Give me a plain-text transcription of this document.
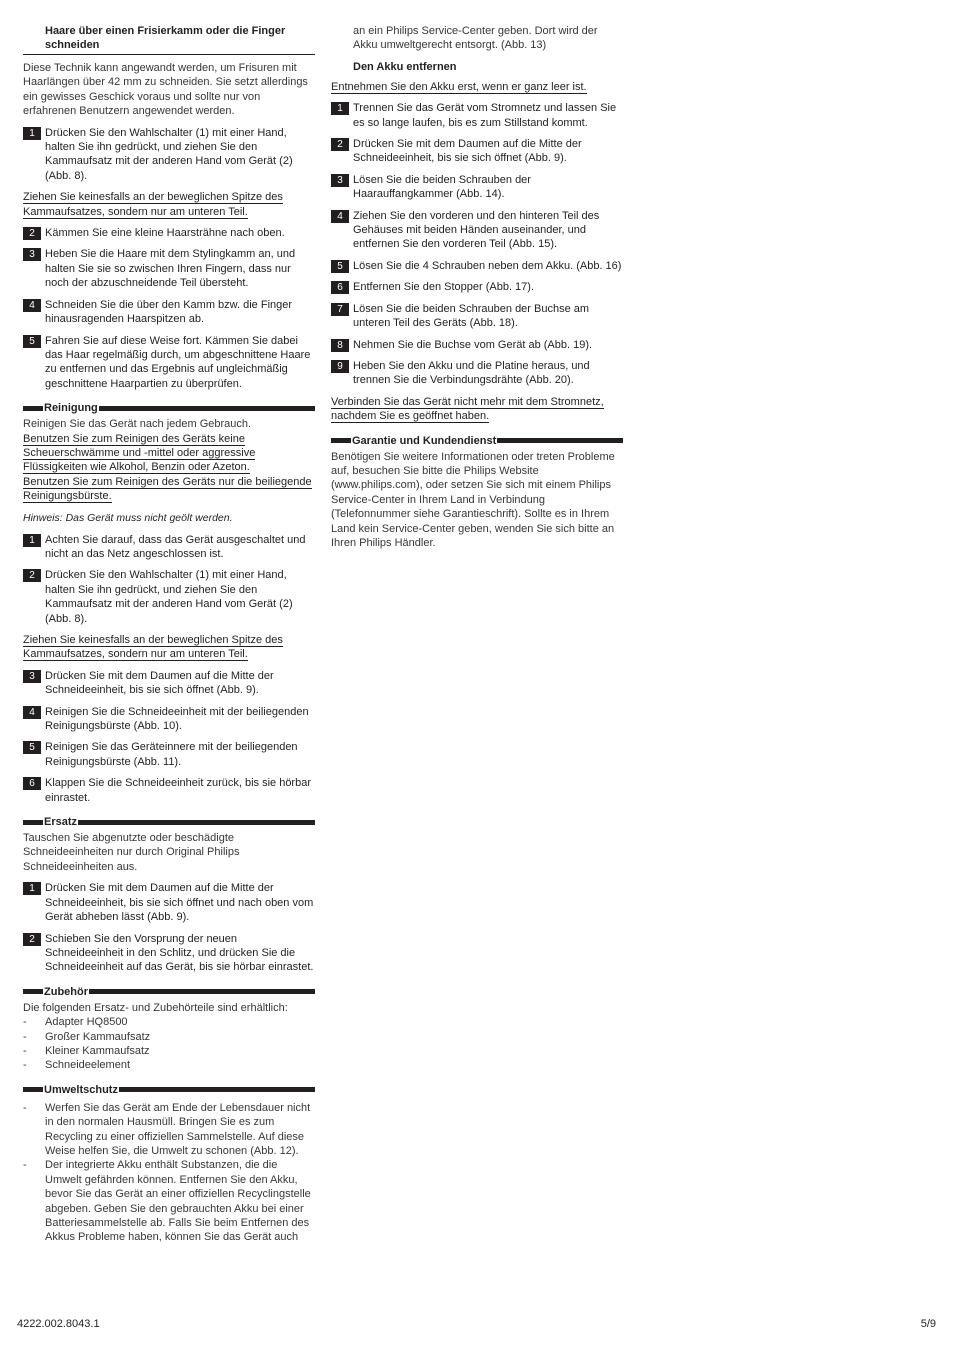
Haare über einen Frisierkamm oder die Finger schneiden

Diese Technik kann angewandt werden, um Frisuren mit Haarlängen über 42 mm zu schneiden. Sie setzt allerdings ein gewisses Geschick voraus und sollte nur von erfahrenen Benutzern angewendet werden.

1 Drücken Sie den Wahlschalter (1) mit einer Hand, halten Sie ihn gedrückt, und ziehen Sie den Kammaufsatz mit der anderen Hand vom Gerät (2) (Abb. 8).

Ziehen Sie keinesfalls an der beweglichen Spitze des Kammaufsatzes, sondern nur am unteren Teil.

2 Kämmen Sie eine kleine Haarsträhne nach oben.
3 Heben Sie die Haare mit dem Stylingkamm an, und halten Sie sie so zwischen Ihren Fingern, dass nur noch der abzuschneidende Teil übersteht.
4 Schneiden Sie die über den Kamm bzw. die Finger hinausragenden Haarspitzen ab.
5 Fahren Sie auf diese Weise fort. Kämmen Sie dabei das Haar regelmäßig durch, um abgeschnittene Haare zu entfernen und das Ergebnis auf ungleichmäßig geschnittene Haarpartien zu überprüfen.
Reinigung

Reinigen Sie das Gerät nach jedem Gebrauch.

Benutzen Sie zum Reinigen des Geräts keine Scheuerschwämme und -mittel oder aggressive Flüssigkeiten wie Alkohol, Benzin oder Azeton.

Benutzen Sie zum Reinigen des Geräts nur die beiliegende Reinigungsbürste.

Hinweis: Das Gerät muss nicht geölt werden.

1 Achten Sie darauf, dass das Gerät ausgeschaltet und nicht an das Netz angeschlossen ist.
2 Drücken Sie den Wahlschalter (1) mit einer Hand, halten Sie ihn gedrückt, und ziehen Sie den Kammaufsatz mit der anderen Hand vom Gerät (2) (Abb. 8).

Ziehen Sie keinesfalls an der beweglichen Spitze des Kammaufsatzes, sondern nur am unteren Teil.

3 Drücken Sie mit dem Daumen auf die Mitte der Schneideeinheit, bis sie sich öffnet (Abb. 9).
4 Reinigen Sie die Schneideeinheit mit der beiliegenden Reinigungsbürste (Abb. 10).
5 Reinigen Sie das Geräteinnere mit der beiliegenden Reinigungsbürste (Abb. 11).
6 Klappen Sie die Schneideeinheit zurück, bis sie hörbar einrastet.
Ersatz

Tauschen Sie abgenutzte oder beschädigte Schneideeinheiten nur durch Original Philips Schneideeinheiten aus.

1 Drücken Sie mit dem Daumen auf die Mitte der Schneideeinheit, bis sie sich öffnet und nach oben vom Gerät abheben lässt (Abb. 9).
2 Schieben Sie den Vorsprung der neuen Schneideeinheit in den Schlitz, und drücken Sie die Schneideeinheit auf das Gerät, bis sie hörbar einrastet.
Zubehör

Die folgenden Ersatz- und Zubehörteile sind erhältlich:

-	Adapter HQ8500
-	Großer Kammaufsatz
-	Kleiner Kammaufsatz
-	Schneideelement
Umweltschutz
-	Werfen Sie das Gerät am Ende der Lebensdauer nicht in den normalen Hausmüll. Bringen Sie es zum Recycling zu einer offiziellen Sammelstelle. Auf diese Weise helfen Sie, die Umwelt zu schonen (Abb. 12).
-	Der integrierte Akku enthält Substanzen, die die Umwelt gefährden können. Entfernen Sie den Akku, bevor Sie das Gerät an einer offiziellen Recyclingstelle abgeben. Geben Sie den gebrauchten Akku bei einer Batteriesammelstelle ab. Falls Sie beim Entfernen des Akkus Probleme haben, können Sie das Gerät auch

an ein Philips Service-Center geben. Dort wird der Akku umweltgerecht entsorgt. (Abb. 13)

Den Akku entfernen

Entnehmen Sie den Akku erst, wenn er ganz leer ist.

1 Trennen Sie das Gerät vom Stromnetz und lassen Sie es so lange laufen, bis es zum Stillstand kommt.
2 Drücken Sie mit dem Daumen auf die Mitte der Schneideeinheit, bis sie sich öffnet (Abb. 9).
3 Lösen Sie die beiden Schrauben der Haarauffangkammer (Abb. 14).
4 Ziehen Sie den vorderen und den hinteren Teil des Gehäuses mit beiden Händen auseinander, und entfernen Sie den vorderen Teil (Abb. 15).
5 Lösen Sie die 4 Schrauben neben dem Akku. (Abb. 16)
6 Entfernen Sie den Stopper (Abb. 17).
7 Lösen Sie die beiden Schrauben der Buchse am unteren Teil des Geräts (Abb. 18).
8 Nehmen Sie die Buchse vom Gerät ab (Abb. 19).
9 Heben Sie den Akku und die Platine heraus, und trennen Sie die Verbindungsdrähte (Abb. 20).

Verbinden Sie das Gerät nicht mehr mit dem Stromnetz, nachdem Sie es geöffnet haben.

Garantie und Kundendienst

Benötigen Sie weitere Informationen oder treten Probleme auf, besuchen Sie bitte die Philips Website (www.philips.com), oder setzen Sie sich mit einem Philips Service-Center in Ihrem Land in Verbindung (Telefonnummer siehe Garantieschrift). Sollte es in Ihrem Land kein Service-Center geben, wenden Sie sich bitte an Ihren Philips Händler.

4222.002.8043.1	5/9
